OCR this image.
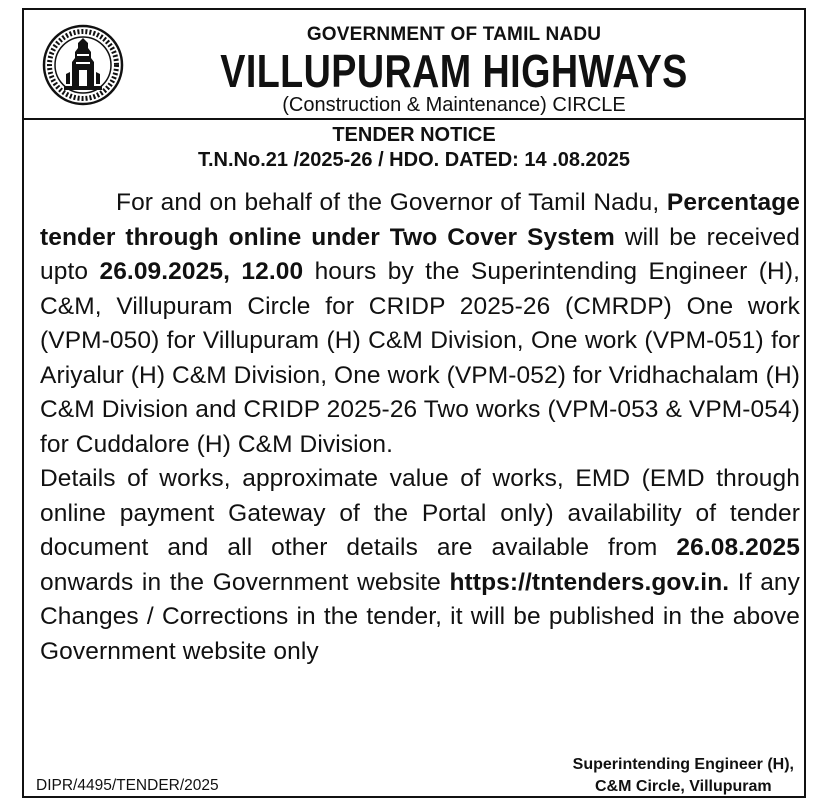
GOVERNMENT OF TAMIL NADU
VILLUPURAM HIGHWAYS
(Construction & Maintenance) CIRCLE
TENDER NOTICE
T.N.No.21 /2025-26 / HDO. DATED: 14 .08.2025

For and on behalf of the Governor of Tamil Nadu, Percentage tender through online under Two Cover System will be received upto 26.09.2025, 12.00 hours by the Superintending Engineer (H), C&M, Villupuram Circle for CRIDP 2025-26 (CMRDP) One work (VPM-050) for Villupuram (H) C&M Division, One work (VPM-051) for Ariyalur (H) C&M Division, One work (VPM-052) for Vridhachalam (H) C&M Division and CRIDP 2025-26 Two works (VPM-053 & VPM-054) for Cuddalore (H) C&M Division.

Details of works, approximate value of works, EMD (EMD through online payment Gateway of the Portal only) availability of tender document and all other details are available from 26.08.2025 onwards in the Government website https://tntenders.gov.in. If any Changes / Corrections in the tender, it will be published in the above Government website only

Superintending Engineer (H),
C&M Circle, Villupuram
DIPR/4495/TENDER/2025
